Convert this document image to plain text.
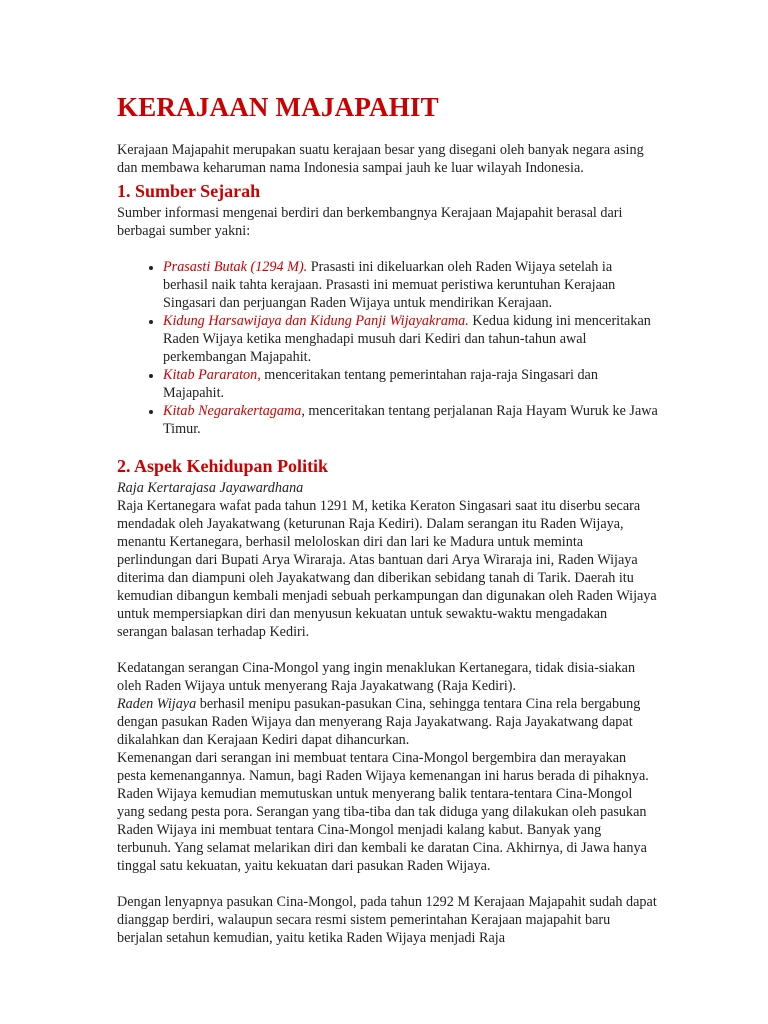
KERAJAAN MAJAPAHIT

Kerajaan Majapahit merupakan suatu kerajaan besar yang disegani oleh banyak negara asing dan membawa keharuman nama Indonesia sampai jauh ke luar wilayah Indonesia.

1. Sumber Sejarah

Sumber informasi mengenai berdiri dan berkembangnya Kerajaan Majapahit berasal dari berbagai sumber yakni:

• Prasasti Butak (1294 M). Prasasti ini dikeluarkan oleh Raden Wijaya setelah ia berhasil naik tahta kerajaan. Prasasti ini memuat peristiwa keruntuhan Kerajaan Singasari dan perjuangan Raden Wijaya untuk mendirikan Kerajaan.
• Kidung Harsawijaya dan Kidung Panji Wijayakrama. Kedua kidung ini menceritakan Raden Wijaya ketika menghadapi musuh dari Kediri dan tahun-tahun awal perkembangan Majapahit.
• Kitab Pararaton, menceritakan tentang pemerintahan raja-raja Singasari dan Majapahit.
• Kitab Negarakertagama, menceritakan tentang perjalanan Raja Hayam Wuruk ke Jawa Timur.
2. Aspek Kehidupan Politik

Raja Kertarajasa Jayawardhana

Raja Kertanegara wafat pada tahun 1291 M, ketika Keraton Singasari saat itu diserbu secara mendadak oleh Jayakatwang (keturunan Raja Kediri). Dalam serangan itu Raden Wijaya, menantu Kertanegara, berhasil meloloskan diri dan lari ke Madura untuk meminta perlindungan dari Bupati Arya Wiraraja. Atas bantuan dari Arya Wiraraja ini, Raden Wijaya diterima dan diampuni oleh Jayakatwang dan diberikan sebidang tanah di Tarik. Daerah itu kemudian dibangun kembali menjadi sebuah perkampungan dan digunakan oleh Raden Wijaya untuk mempersiapkan diri dan menyusun kekuatan untuk sewaktu-waktu mengadakan serangan balasan terhadap Kediri.

Kedatangan serangan Cina-Mongol yang ingin menaklukan Kertanegara, tidak disia-siakan oleh Raden Wijaya untuk menyerang Raja Jayakatwang (Raja Kediri).

Raden Wijaya berhasil menipu pasukan-pasukan Cina, sehingga tentara Cina rela bergabung dengan pasukan Raden Wijaya dan menyerang Raja Jayakatwang. Raja Jayakatwang dapat dikalahkan dan Kerajaan Kediri dapat dihancurkan.

Kemenangan dari serangan ini membuat tentara Cina-Mongol bergembira dan merayakan pesta kemenangannya. Namun, bagi Raden Wijaya kemenangan ini harus berada di pihaknya. Raden Wijaya kemudian memutuskan untuk menyerang balik tentara-tentara Cina-Mongol yang sedang pesta pora. Serangan yang tiba-tiba dan tak diduga yang dilakukan oleh pasukan Raden Wijaya ini membuat tentara Cina-Mongol menjadi kalang kabut. Banyak yang terbunuh. Yang selamat melarikan diri dan kembali ke daratan Cina. Akhirnya, di Jawa hanya tinggal satu kekuatan, yaitu kekuatan dari pasukan Raden Wijaya.

Dengan lenyapnya pasukan Cina-Mongol, pada tahun 1292 M Kerajaan Majapahit sudah dapat dianggap berdiri, walaupun secara resmi sistem pemerintahan Kerajaan majapahit baru berjalan setahun kemudian, yaitu ketika Raden Wijaya menjadi Raja
